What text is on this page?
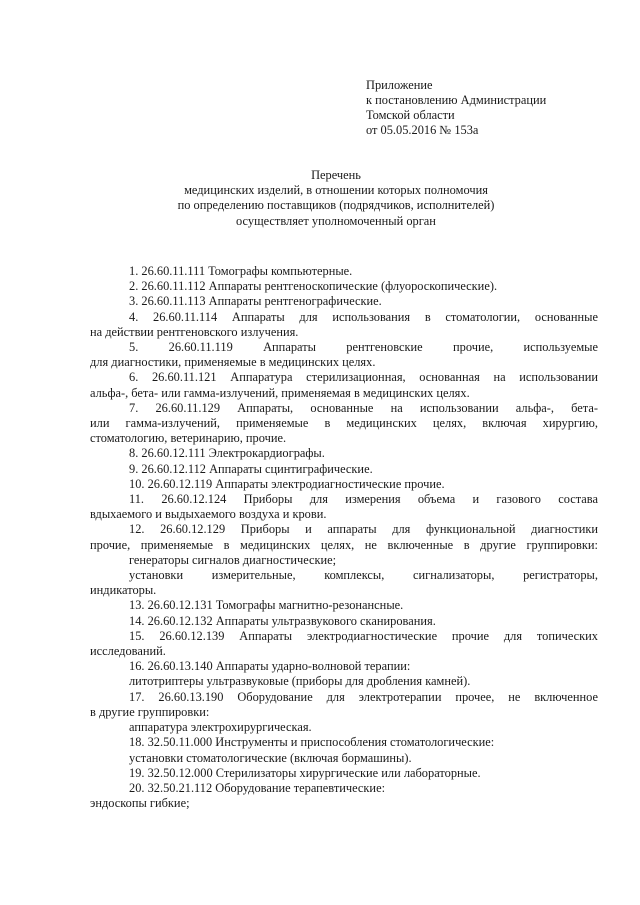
Приложение
к постановлению Администрации
Томской области
от 05.05.2016 № 153а
Перечень
медицинских изделий, в отношении которых полномочия
по определению поставщиков (подрядчиков, исполнителей)
осуществляет уполномоченный орган
1. 26.60.11.111 Томографы компьютерные.
2. 26.60.11.112 Аппараты рентгеноскопические (флуороскопические).
3. 26.60.11.113 Аппараты рентгенографические.
4. 26.60.11.114 Аппараты для использования в стоматологии, основанные
на действии рентгеновского излучения.
5. 26.60.11.119 Аппараты рентгеновские прочие, используемые
для диагностики, применяемые в медицинских целях.
6. 26.60.11.121 Аппаратура стерилизационная, основанная на использовании
альфа-, бета- или гамма-излучений, применяемая в медицинских целях.
7. 26.60.11.129 Аппараты, основанные на использовании альфа-, бета-
или гамма-излучений, применяемые в медицинских целях, включая хирургию,
стоматологию, ветеринарию, прочие.
8. 26.60.12.111 Электрокардиографы.
9. 26.60.12.112 Аппараты сцинтиграфические.
10. 26.60.12.119 Аппараты электродиагностические прочие.
11. 26.60.12.124 Приборы для измерения объема и газового состава
вдыхаемого и выдыхаемого воздуха и крови.
12. 26.60.12.129 Приборы и аппараты для функциональной диагностики
прочие, применяемые в медицинских целях, не включенные в другие группировки:
генераторы сигналов диагностические;
установки измерительные, комплексы, сигнализаторы, регистраторы,
индикаторы.
13. 26.60.12.131 Томографы магнитно-резонансные.
14. 26.60.12.132 Аппараты ультразвукового сканирования.
15. 26.60.12.139 Аппараты электродиагностические прочие для топических
исследований.
16. 26.60.13.140 Аппараты ударно-волновой терапии:
литотриптеры ультразвуковые (приборы для дробления камней).
17. 26.60.13.190 Оборудование для электротерапии прочее, не включенное
в другие группировки:
аппаратура электрохирургическая.
18. 32.50.11.000 Инструменты и приспособления стоматологические:
установки стоматологические (включая бормашины).
19. 32.50.12.000 Стерилизаторы хирургические или лабораторные.
20. 32.50.21.112 Оборудование терапевтические:
эндоскопы гибкие;
